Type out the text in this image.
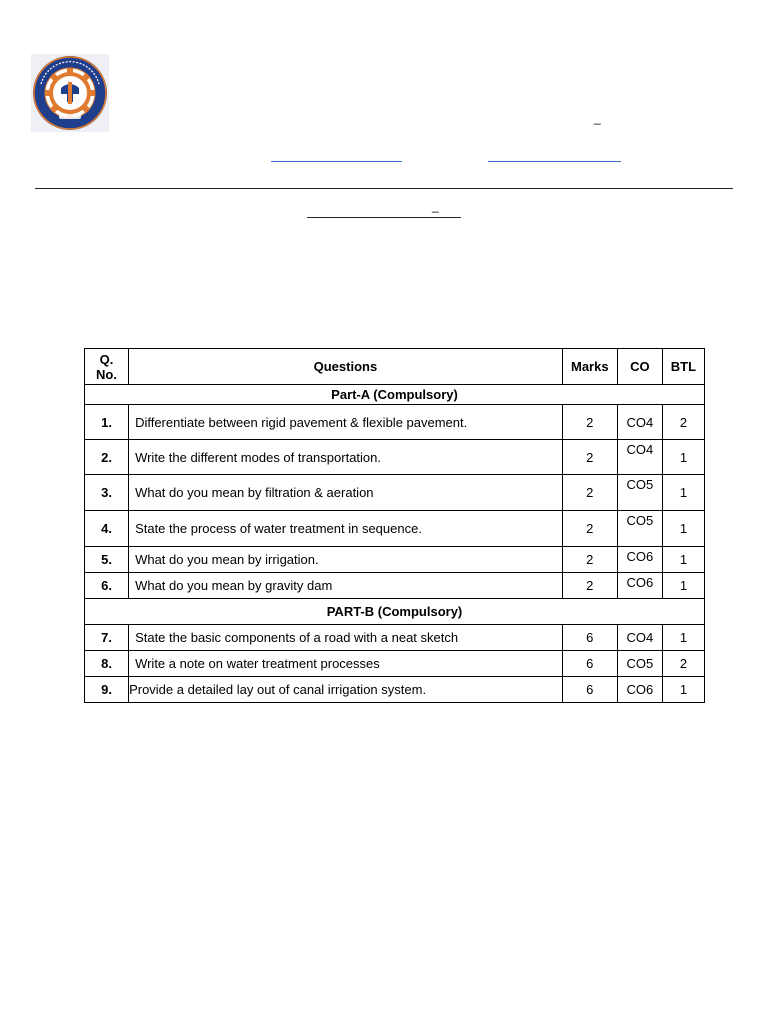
_
_
Q. No.	Questions	Marks	CO	BTL
Part-A (Compulsory)				
1.	Differentiate between rigid pavement & flexible pavement.	2	CO4	2
2.	Write the different modes of transportation.	2	CO4	1
3.	What do you mean by filtration & aeration	2	CO5	1
4.	State the process of water treatment in sequence.	2	CO5	1
5.	What do you mean by irrigation.	2	CO6	1
6.	What do you mean by gravity dam	2	CO6	1
PART-B (Compulsory)				
7.	State the basic components of a road with a neat sketch	6	CO4	1
8.	Write a note on water treatment processes	6	CO5	2
9.	Provide a detailed lay out of canal irrigation system.	6	CO6	1
